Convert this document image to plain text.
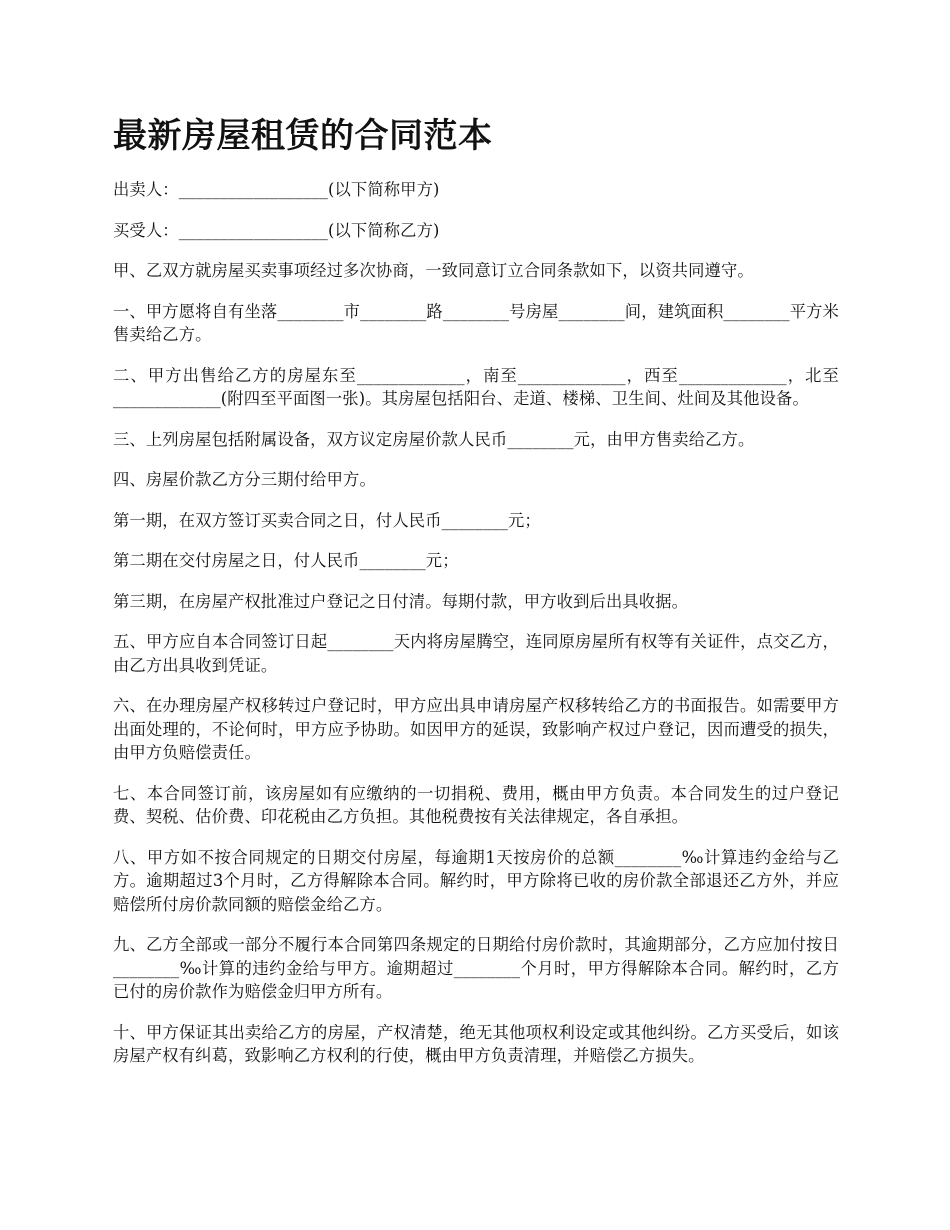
最新房屋租赁的合同范本

出卖人：__________________(以下简称甲方)

买受人：__________________(以下简称乙方)

甲、乙双方就房屋买卖事项经过多次协商，一致同意订立合同条款如下，以资共同遵守。

一、甲方愿将自有坐落________市________路________号房屋________间，建筑面积________平方米售卖给乙方。

二、甲方出售给乙方的房屋东至_____________，南至_____________，西至_____________，北至_____________(附四至平面图一张)。其房屋包括阳台、走道、楼梯、卫生间、灶间及其他设备。

三、上列房屋包括附属设备，双方议定房屋价款人民币________元，由甲方售卖给乙方。

四、房屋价款乙方分三期付给甲方。

第一期，在双方签订买卖合同之日，付人民币________元；

第二期在交付房屋之日，付人民币________元；

第三期，在房屋产权批准过户登记之日付清。每期付款，甲方收到后出具收据。

五、甲方应自本合同签订日起________天内将房屋腾空，连同原房屋所有权等有关证件，点交乙方，由乙方出具收到凭证。

六、在办理房屋产权移转过户登记时，甲方应出具申请房屋产权移转给乙方的书面报告。如需要甲方出面处理的，不论何时，甲方应予协助。如因甲方的延误，致影响产权过户登记，因而遭受的损失，由甲方负赔偿责任。

七、本合同签订前，该房屋如有应缴纳的一切捐税、费用，概由甲方负责。本合同发生的过户登记费、契税、估价费、印花税由乙方负担。其他税费按有关法律规定，各自承担。

八、甲方如不按合同规定的日期交付房屋，每逾期1天按房价的总额________‰计算违约金给与乙方。逾期超过3个月时，乙方得解除本合同。解约时，甲方除将已收的房价款全部退还乙方外，并应赔偿所付房价款同额的赔偿金给乙方。

九、乙方全部或一部分不履行本合同第四条规定的日期给付房价款时，其逾期部分，乙方应加付按日________‰计算的违约金给与甲方。逾期超过________个月时，甲方得解除本合同。解约时，乙方已付的房价款作为赔偿金归甲方所有。

十、甲方保证其出卖给乙方的房屋，产权清楚，绝无其他项权利设定或其他纠纷。乙方买受后，如该房屋产权有纠葛，致影响乙方权利的行使，概由甲方负责清理，并赔偿乙方损失。
